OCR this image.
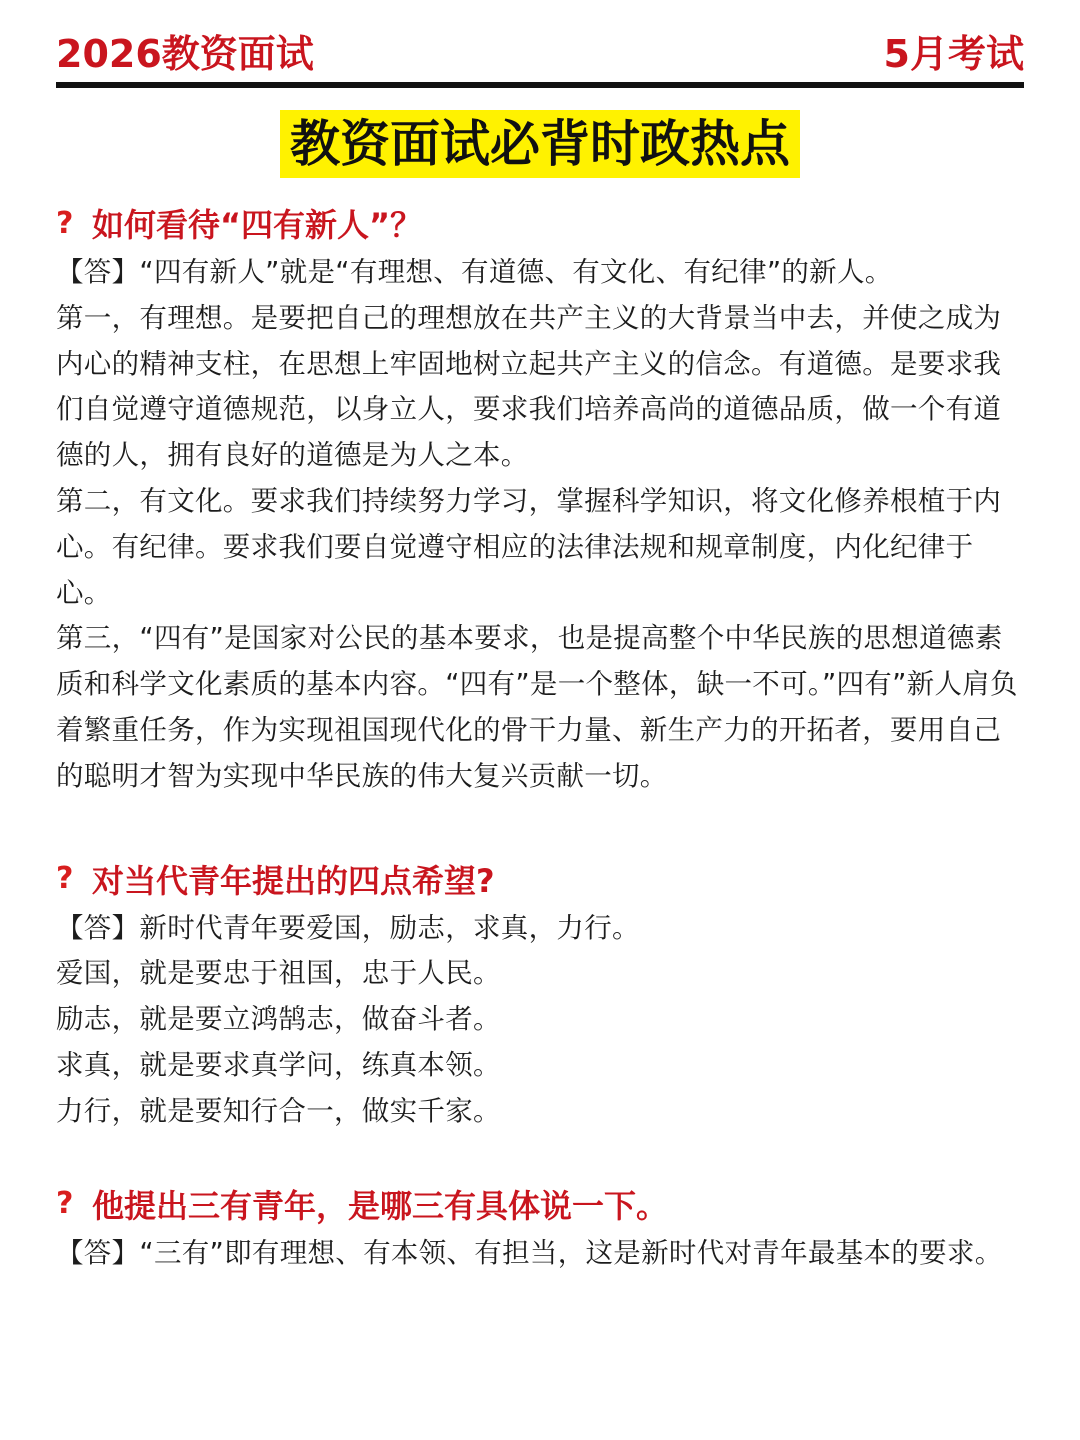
2026教资面试	5月考试
教资面试必背时政热点
? 如何看待“四有新人”？

【答】“四有新人”就是“有理想、有道德、有文化、有纪律”的新人。

第一，有理想。是要把自己的理想放在共产主义的大背景当中去，并使之成为内心的精神支柱，在思想上牢固地树立起共产主义的信念。有道德。是要求我们自觉遵守道德规范，以身立人，要求我们培养高尚的道德品质，做一个有道德的人，拥有良好的道德是为人之本。

第二，有文化。要求我们持续努力学习，掌握科学知识，将文化修养根植于内心。有纪律。要求我们要自觉遵守相应的法律法规和规章制度，内化纪律于心。

第三，“四有”是国家对公民的基本要求，也是提高整个中华民族的思想道德素质和科学文化素质的基本内容。“四有”是一个整体，缺一不可。”四有”新人肩负着繁重任务，作为实现祖国现代化的骨干力量、新生产力的开拓者，要用自己的聪明才智为实现中华民族的伟大复兴贡献一切。

? 对当代青年提出的四点希望?

【答】新时代青年要爱国，励志，求真，力行。

爱国，就是要忠于祖国，忠于人民。

励志，就是要立鸿鹄志，做奋斗者。

求真，就是要求真学问，练真本领。

力行，就是要知行合一，做实千家。

? 他提出三有青年，是哪三有具体说一下。

【答】“三有”即有理想、有本领、有担当，这是新时代对青年最基本的要求。
